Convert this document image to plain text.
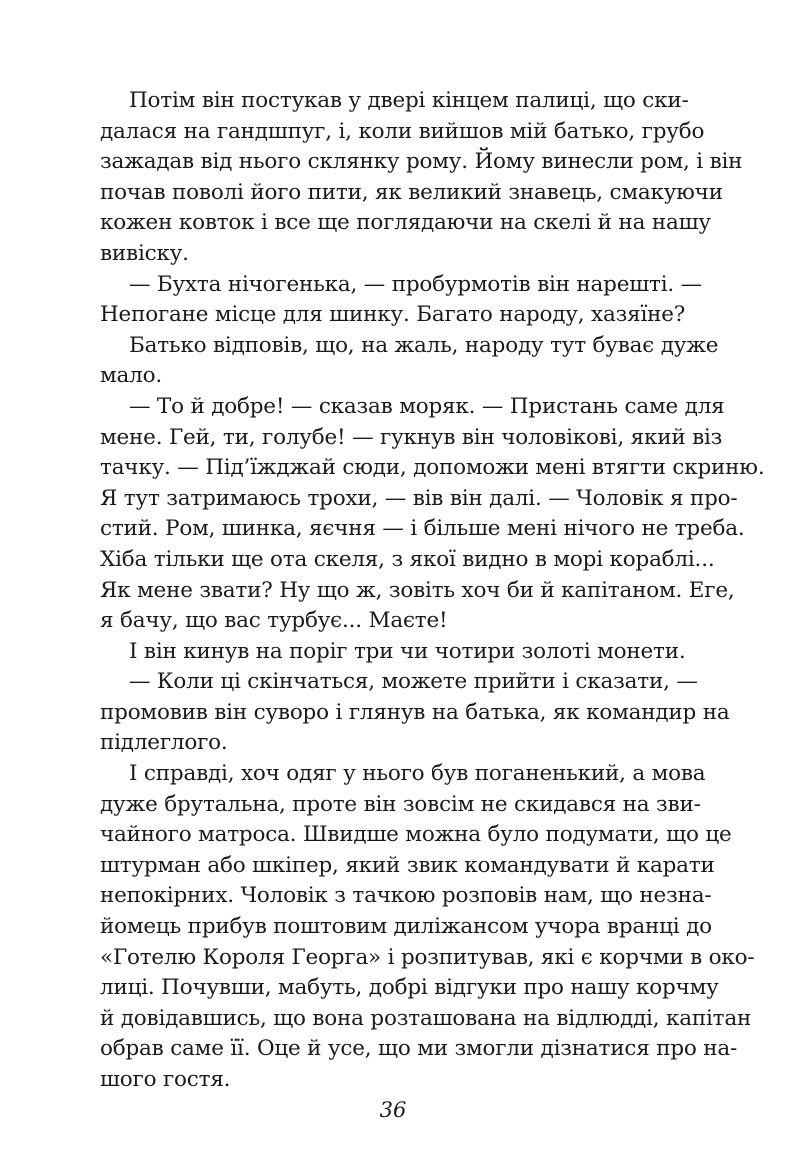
Потім він постукав у двері кінцем палиці, що ски-
далася на гандшпуг, і, коли вийшов мій батько, грубо
зажадав від нього склянку рому. Йому винесли ром, і він
почав поволі його пити, як великий знавець, смакуючи
кожен ковток і все ще поглядаючи на скелі й на нашу
вивіску.
— Бухта нічогенька, — пробурмотів він нарешті. —
Непогане місце для шинку. Багато народу, хазяїне?
Батько відповів, що, на жаль, народу тут буває дуже
мало.
— То й добре! — сказав моряк. — Пристань саме для
мене. Гей, ти, голубе! — гукнув він чоловікові, який віз
тачку. — Під’їжджай сюди, допоможи мені втягти скриню.
Я тут затримаюсь трохи, — вів він далі. — Чоловік я про-
стий. Ром, шинка, яєчня — і більше мені нічого не треба.
Хіба тільки ще ота скеля, з якої видно в морі кораблі...
Як мене звати? Ну що ж, зовіть хоч би й капітаном. Еге,
я бачу, що вас турбує... Маєте!
І він кинув на поріг три чи чотири золоті монети.
— Коли ці скінчаться, можете прийти і сказати, —
промовив він суворо і глянув на батька, як командир на
підлеглого.
І справді, хоч одяг у нього був поганенький, а мова
дуже брутальна, проте він зовсім не скидався на зви-
чайного матроса. Швидше можна було подумати, що це
штурман або шкіпер, який звик командувати й карати
непокірних. Чоловік з тачкою розповів нам, що незна-
йомець прибув поштовим диліжансом учора вранці до
«Готелю Короля Георга» і розпитував, які є корчми в око-
лиці. Почувши, мабуть, добрі відгуки про нашу корчму
й довідавшись, що вона розташована на відлюдді, капітан
обрав саме її. Оце й усе, що ми змогли дізнатися про на-
шого гостя.
36
